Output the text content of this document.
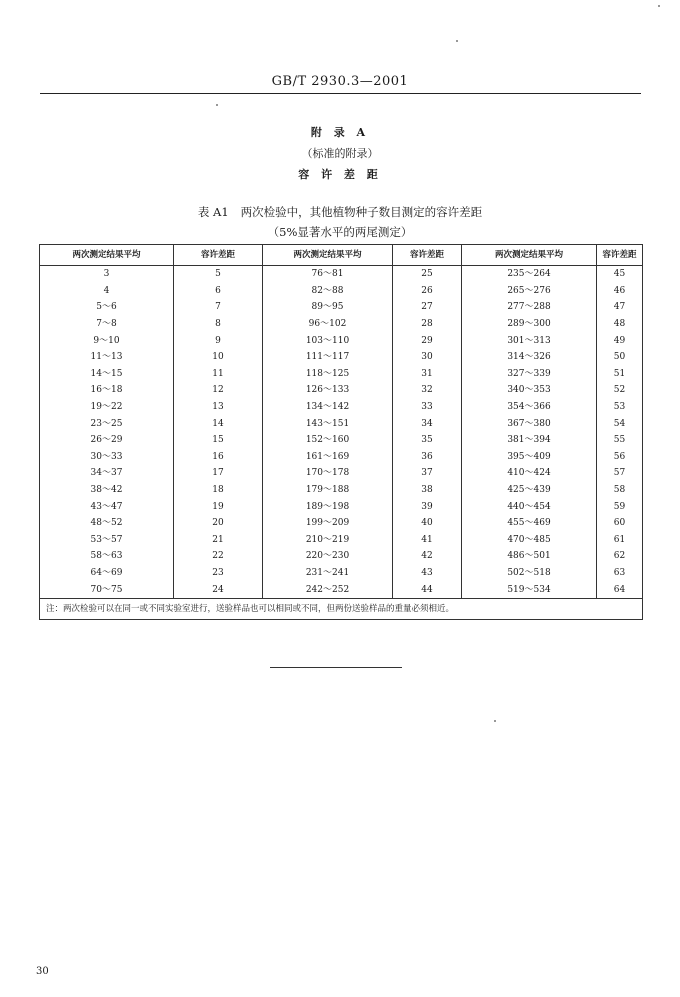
GB/T 2930.3—2001
附 录 A
（标准的附录）
容 许 差 距
表 A1 两次检验中，其他植物种子数目测定的容许差距
（5%显著水平的两尾测定）
两次测定结果平均	容许差距	两次测定结果平均	容许差距	两次测定结果平均	容许差距
3	5	76～81	25	235～264	45
4	6	82～88	26	265～276	46
5～6	7	89～95	27	277～288	47
7～8	8	96～102	28	289～300	48
9～10	9	103～110	29	301～313	49
11～13	10	111～117	30	314～326	50
14～15	11	118～125	31	327～339	51
16～18	12	126～133	32	340～353	52
19～22	13	134～142	33	354～366	53
23～25	14	143～151	34	367～380	54
26～29	15	152～160	35	381～394	55
30～33	16	161～169	36	395～409	56
34～37	17	170～178	37	410～424	57
38～42	18	179～188	38	425～439	58
43～47	19	189～198	39	440～454	59
48～52	20	199～209	40	455～469	60
53～57	21	210～219	41	470～485	61
58～63	22	220～230	42	486～501	62
64～69	23	231～241	43	502～518	63
70～75	24	242～252	44	519～534	64
注：两次检验可以在同一或不同实验室进行，送验样品也可以相同或不同，但两份送验样品的重量必须相近。					
30
